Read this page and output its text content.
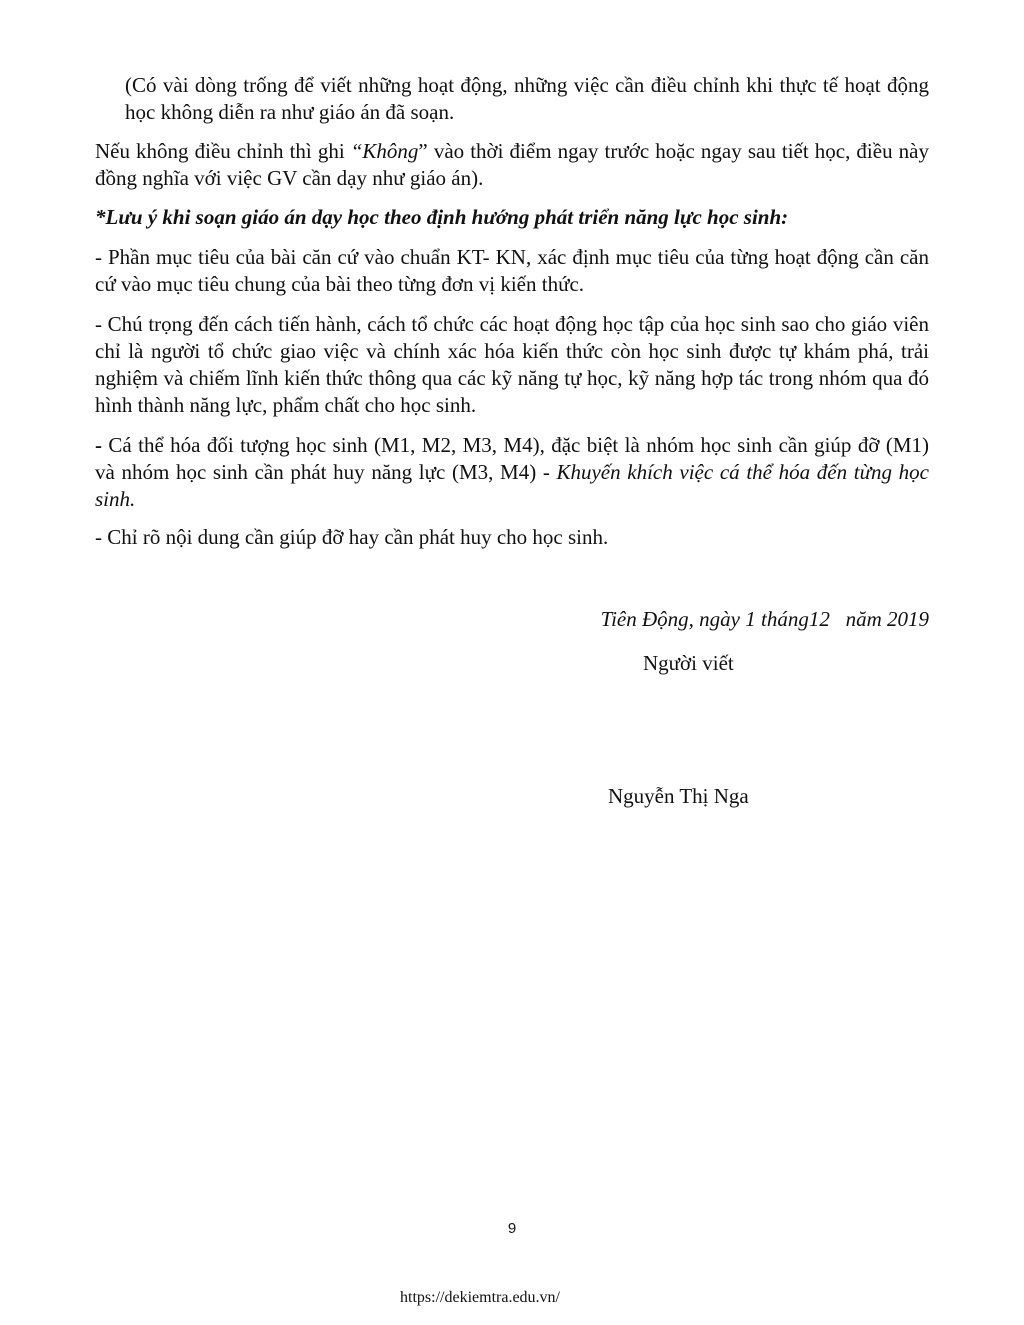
(Có vài dòng trống để viết những hoạt động, những việc cần điều chỉnh khi thực tế hoạt động học không diễn ra như giáo án đã soạn.

Nếu không điều chỉnh thì ghi “Không” vào thời điểm ngay trước hoặc ngay sau tiết học, điều này đồng nghĩa với việc GV cần dạy như giáo án).

*Lưu ý khi soạn giáo án dạy học theo định hướng phát triển năng lực học sinh:

- Phần mục tiêu của bài căn cứ vào chuẩn KT- KN, xác định mục tiêu của từng hoạt động cần căn cứ vào mục tiêu chung của bài theo từng đơn vị kiến thức.

- Chú trọng đến cách tiến hành, cách tổ chức các hoạt động học tập của học sinh sao cho giáo viên chỉ là người tổ chức giao việc và chính xác hóa kiến thức còn học sinh được tự khám phá, trải nghiệm và chiếm lĩnh kiến thức thông qua các kỹ năng tự học, kỹ năng hợp tác trong nhóm qua đó hình thành năng lực, phẩm chất cho học sinh.

- Cá thể hóa đối tượng học sinh (M1, M2, M3, M4), đặc biệt là nhóm học sinh cần giúp đỡ (M1) và nhóm học sinh cần phát huy năng lực (M3, M4) - Khuyến khích việc cá thể hóa đến từng học sinh.

- Chỉ rõ nội dung cần giúp đỡ hay cần phát huy cho học sinh.

Tiên Động, ngày 1 tháng12   năm 2019
Người viết
Nguyễn Thị Nga
9
https://dekiemtra.edu.vn/
